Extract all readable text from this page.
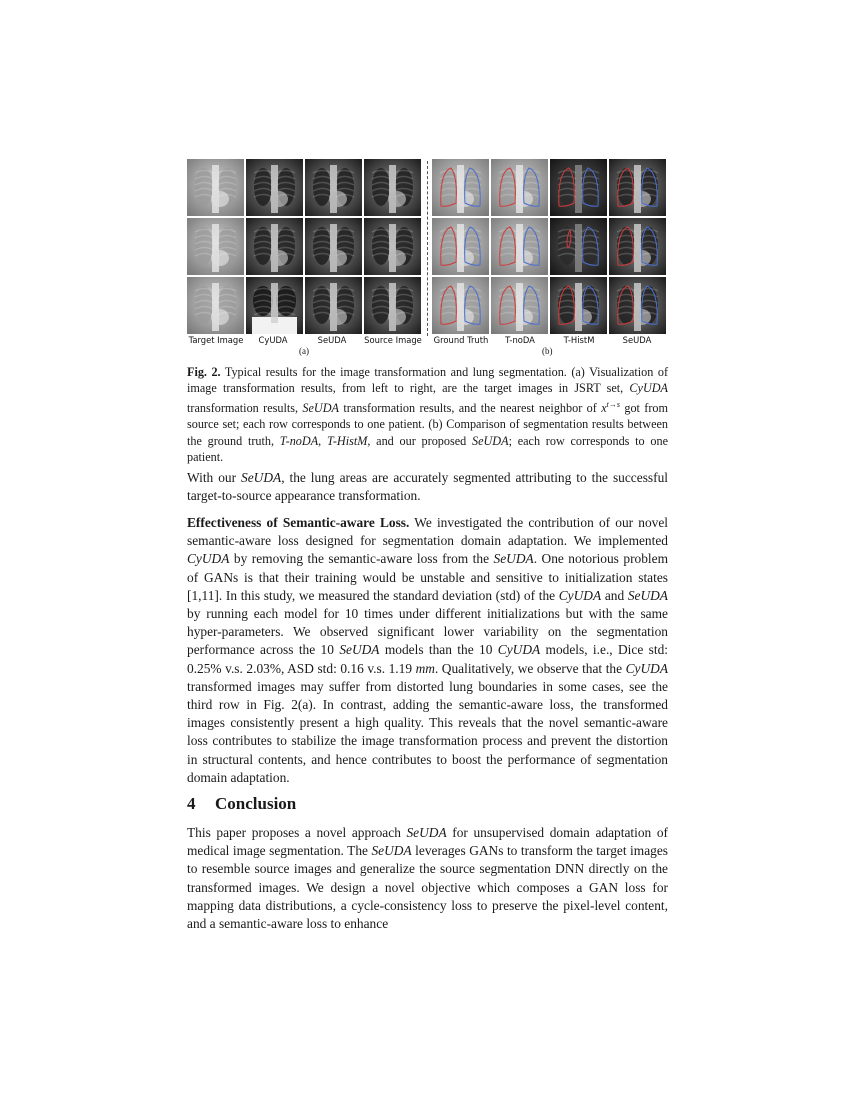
Target Image	CyUDA	SeUDA	Source Image
(a)
Ground Truth	T-noDA	T-HistM	SeUDA
(b)
Fig. 2. Typical results for the image transformation and lung segmentation. (a) Visualization of image transformation results, from left to right, are the target images in JSRT set, CyUDA transformation results, SeUDA transformation results, and the nearest neighbor of $x^{t\to s}$ got from source set; each row corresponds to one patient. (b) Comparison of segmentation results between the ground truth, T-noDA, T-HistM, and our proposed SeUDA; each row corresponds to one patient.
With our SeUDA, the lung areas are accurately segmented attributing to the successful target-to-source appearance transformation.
Effectiveness of Semantic-aware Loss. We investigated the contribution of our novel semantic-aware loss designed for segmentation domain adaptation. We implemented CyUDA by removing the semantic-aware loss from the SeUDA. One notorious problem of GANs is that their training would be unstable and sensitive to initialization states [1,11]. In this study, we measured the standard deviation (std) of the CyUDA and SeUDA by running each model for 10 times under different initializations but with the same hyper-parameters. We observed significant lower variability on the segmentation performance across the 10 SeUDA models than the 10 CyUDA models, i.e., Dice std: 0.25% v.s. 2.03%, ASD std: 0.16 v.s. 1.19 mm. Qualitatively, we observe that the CyUDA transformed images may suffer from distorted lung boundaries in some cases, see the third row in Fig. 2(a). In contrast, adding the semantic-aware loss, the transformed images consistently present a high quality. This reveals that the novel semantic-aware loss contributes to stabilize the image transformation process and prevent the distortion in structural contents, and hence contributes to boost the performance of segmentation domain adaptation.
4 Conclusion
This paper proposes a novel approach SeUDA for unsupervised domain adaptation of medical image segmentation. The SeUDA leverages GANs to transform the target images to resemble source images and generalize the source segmentation DNN directly on the transformed images. We design a novel objective which composes a GAN loss for mapping data distributions, a cycle-consistency loss to preserve the pixel-level content, and a semantic-aware loss to enhance
